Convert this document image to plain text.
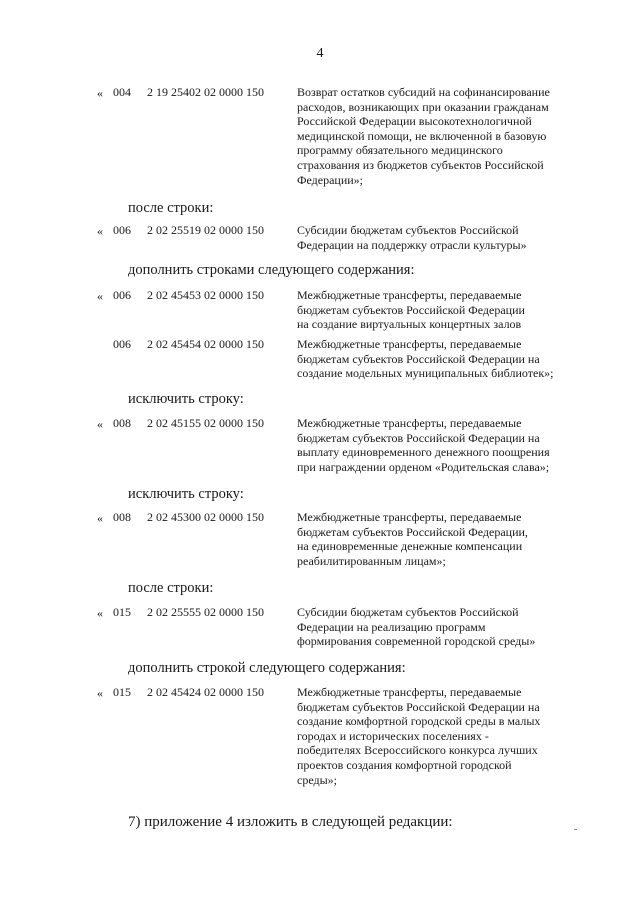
4
« 004 2 19 25402 02 0000 150	Возврат остатков субсидий на софинансирование
расходов, возникающих при оказании гражданам
Российской Федерации высокотехнологичной
медицинской помощи, не включенной в базовую
программу обязательного медицинского
страхования из бюджетов субъектов Российской
Федерации»;
после строки:
« 006 2 02 25519 02 0000 150	Субсидии бюджетам субъектов Российской
Федерации на поддержку отрасли культуры»
дополнить строками следующего содержания:
« 006 2 02 45453 02 0000 150	Межбюджетные трансферты, передаваемые
бюджетам субъектов Российской Федерации
на создание виртуальных концертных залов
006 2 02 45454 02 0000 150	Межбюджетные трансферты, передаваемые
бюджетам субъектов Российской Федерации на
создание модельных муниципальных библиотек»;
исключить строку:
« 008 2 02 45155 02 0000 150	Межбюджетные трансферты, передаваемые
бюджетам субъектов Российской Федерации на
выплату единовременного денежного поощрения
при награждении орденом «Родительская слава»;
исключить строку:
« 008 2 02 45300 02 0000 150	Межбюджетные трансферты, передаваемые
бюджетам субъектов Российской Федерации,
на единовременные денежные компенсации
реабилитированным лицам»;
после строки:
« 015 2 02 25555 02 0000 150	Субсидии бюджетам субъектов Российской
Федерации на реализацию программ
формирования современной городской среды»
дополнить строкой следующего содержания:
« 015 2 02 45424 02 0000 150	Межбюджетные трансферты, передаваемые
бюджетам субъектов Российской Федерации на
создание комфортной городской среды в малых
городах и исторических поселениях -
победителях Всероссийского конкурса лучших
проектов создания комфортной городской
среды»;
7) приложение 4 изложить в следующей редакции:
